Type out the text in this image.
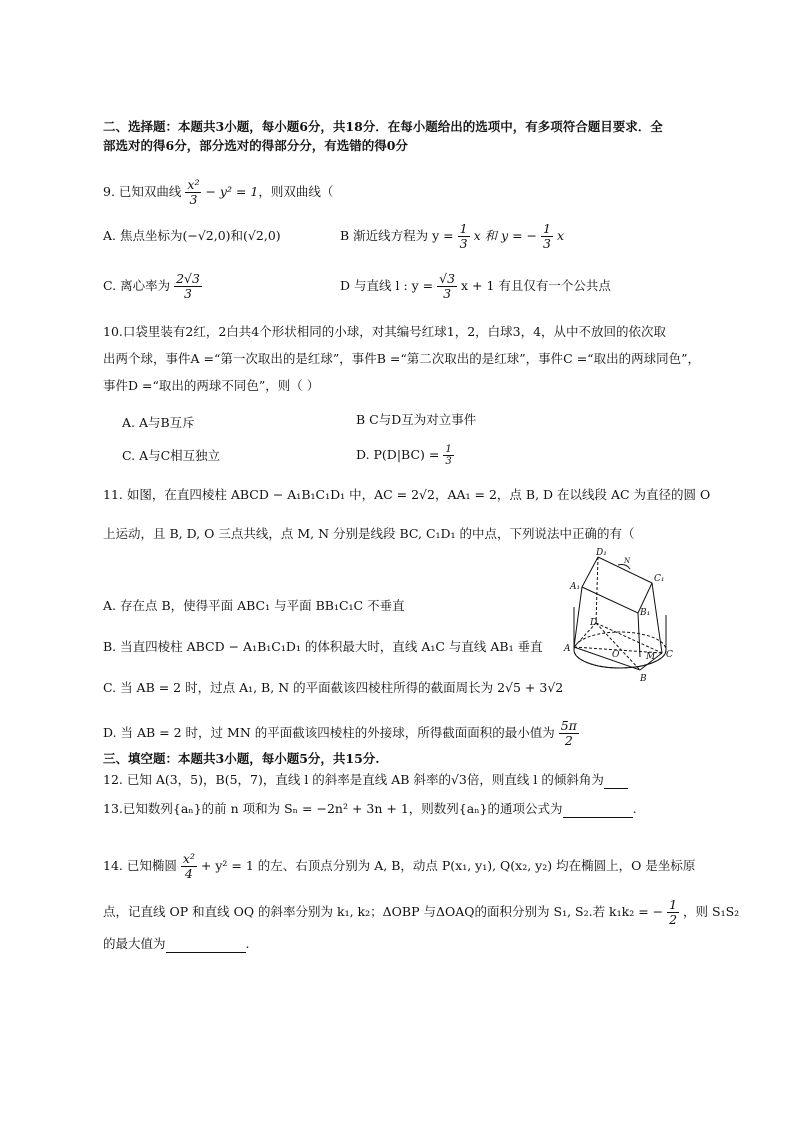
二、选择题：本题共3小题，每小题6分，共18分．在每小题给出的选项中，有多项符合题目要求．全
部选对的得6分，部分选对的得部分分，有选错的得0分
9. 已知双曲线 $\frac{\text{x²}}{3} - y^2 = 1$，则双曲线（
A. 焦点坐标为(−√2,0)和(√2,0)	B 渐近线方程为 $y = \frac{1}{3}$ x 和 y = − $\frac{1}{3}$ x
C. 离心率为 $\frac{2√3}{3}$	D 与直线 l : $y = \frac{√3}{3}$ x + 1 有且仅有一个公共点
10.口袋里装有2红，2白共4个形状相同的小球，对其编号红球1，2，白球3，4，从中不放回的依次取
出两个球，事件A =“第一次取出的是红球”，事件B =“第二次取出的是红球”，事件C =“取出的两球同色”，
事件D =“取出的两球不同色”，则（ ）
A. A与B互斥	B C与D互为对立事件
C. A与C相互独立	D. $P(D|BC) = \frac{1}{3}$
11. 如图，在直四棱柱 ABCD − A₁B₁C₁D₁ 中，AC = 2√2，AA₁ = 2，点 B, D 在以线段 AC 为直径的圆 O
上运动，且 B, D, O 三点共线，点 M, N 分别是线段 BC, C₁D₁ 的中点，下列说法中正确的有（
A. 存在点 B，使得平面 ABC₁ 与平面 BB₁C₁C 不垂直
B. 当直四棱柱 ABCD − A₁B₁C₁D₁ 的体积最大时，直线 A₁C 与直线 AB₁ 垂直
C. 当 AB = 2 时，过点 A₁, B, N 的平面截该四棱柱所得的截面周长为 2√5 + 3√2
D. 当 AB = 2 时，过 MN 的平面截该四棱柱的外接球，所得截面面积的最小值为 $\frac{5\pi}{2}$
D₁
C₁
A₁
B₁
N
D
O	M C
A
B
三、填空题：本题共3小题，每小题5分，共15分.
12. 已知 A(3，5)，B(5，7)，直线 l 的斜率是直线 AB 斜率的√3倍，则直线 l 的倾斜角为
13.已知数列{aₙ}的前 n 项和为 Sₙ = −2n² + 3n + 1，则数列{aₙ}的通项公式为	.
14. 已知椭圆 $\frac{\text{x²}}{4} + y^2 = 1$ 的左、右顶点分别为 A, B，动点 P(x₁, y₁), Q(x₂, y₂) 均在椭圆上，O 是坐标原
点，记直线 OP 和直线 OQ 的斜率分别为 k₁, k₂；ΔOBP 与ΔOAQ的面积分别为 S₁, S₂.若 k₁k₂ = − $\frac{1}{2}$ ，则 S₁S₂
的最大值为	.
